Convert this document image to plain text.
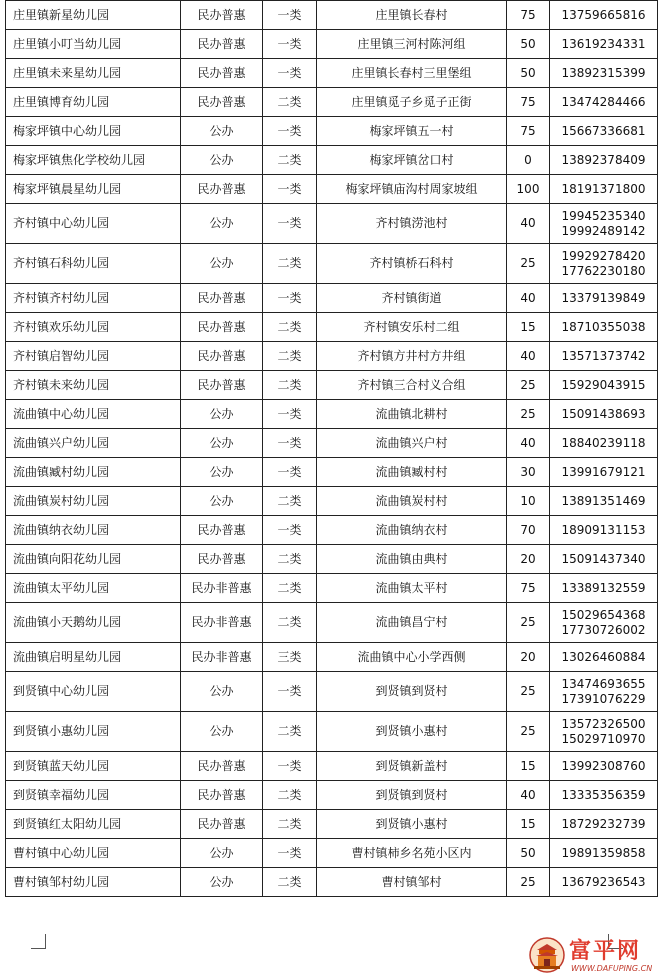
庄里镇新星幼儿园	民办普惠	一类	庄里镇长春村	75	13759665816

庄里镇小叮当幼儿园	民办普惠	一类	庄里镇三河村陈河组	50	13619234331

庄里镇未来星幼儿园	民办普惠	一类	庄里镇长春村三里堡组	50	13892315399

庄里镇博育幼儿园	民办普惠	二类	庄里镇觅子乡觅子正街	75	13474284466

梅家坪镇中心幼儿园	公办	一类	梅家坪镇五一村	75	15667336681

梅家坪镇焦化学校幼儿园	公办	二类	梅家坪镇岔口村	0	13892378409

梅家坪镇晨星幼儿园	民办普惠	一类	梅家坪镇庙沟村周家坡组	100	18191371800

齐村镇中心幼儿园	公办	一类	齐村镇涝池村	40	19945235340
19992489142

齐村镇石科幼儿园	公办	二类	齐村镇桥石科村	25	19929278420
17762230180

齐村镇齐村幼儿园	民办普惠	一类	齐村镇街道	40	13379139849

齐村镇欢乐幼儿园	民办普惠	二类	齐村镇安乐村二组	15	18710355038

齐村镇启智幼儿园	民办普惠	二类	齐村镇方井村方井组	40	13571373742

齐村镇未来幼儿园	民办普惠	二类	齐村镇三合村义合组	25	15929043915

流曲镇中心幼儿园	公办	一类	流曲镇北耕村	25	15091438693

流曲镇兴户幼儿园	公办	一类	流曲镇兴户村	40	18840239118

流曲镇臧村幼儿园	公办	一类	流曲镇臧村村	30	13991679121

流曲镇炭村幼儿园	公办	二类	流曲镇炭村村	10	13891351469

流曲镇纳衣幼儿园	民办普惠	一类	流曲镇纳衣村	70	18909131153

流曲镇向阳花幼儿园	民办普惠	二类	流曲镇由典村	20	15091437340

流曲镇太平幼儿园	民办非普惠	二类	流曲镇太平村	75	13389132559

流曲镇小天鹅幼儿园	民办非普惠	二类	流曲镇昌宁村	25	15029654368
17730726002

流曲镇启明星幼儿园	民办非普惠	三类	流曲镇中心小学西侧	20	13026460884

到贤镇中心幼儿园	公办	一类	到贤镇到贤村	25	13474693655
17391076229

到贤镇小惠幼儿园	公办	二类	到贤镇小惠村	25	13572326500
15029710970

到贤镇蓝天幼儿园	民办普惠	一类	到贤镇新盖村	15	13992308760

到贤镇幸福幼儿园	民办普惠	二类	到贤镇到贤村	40	13335356359

到贤镇红太阳幼儿园	民办普惠	二类	到贤镇小惠村	15	18729232739

曹村镇中心幼儿园	公办	一类	曹村镇柿乡名苑小区内	50	19891359858

曹村镇邹村幼儿园	公办	二类	曹村镇邹村	25	13679236543
富平网
WWW.DAFUPING.CN
